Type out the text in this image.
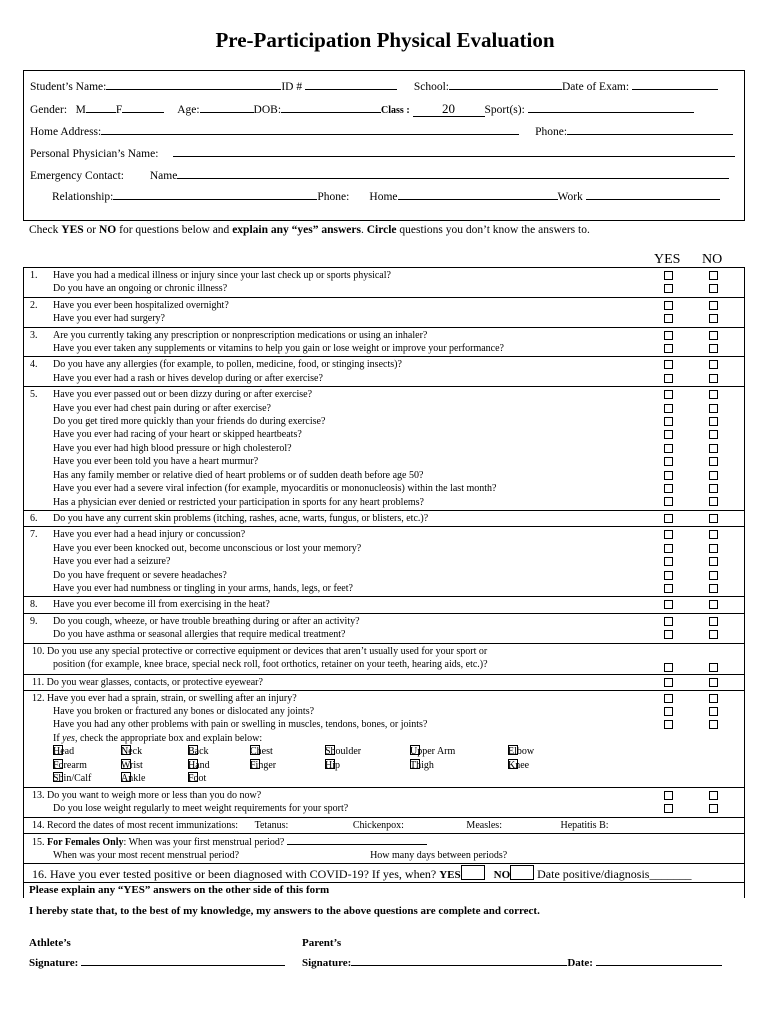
Pre-Participation Physical Evaluation
Student’s Name:	ID #	School:	Date of Exam:
Gender: M	F	Age:	DOB:	Class : 20	Sport(s):
Home Address:	Phone:
Personal Physician’s Name:
Emergency Contact: Name
Relationship:	Phone: Home	Work
Check YES or NO for questions below and explain any “yes” answers. Circle questions you don’t know the answers to.
YES NO
1. Have you had a medical illness or injury since your last check up or sports physical?
Do you have an ongoing or chronic illness?
2. Have you ever been hospitalized overnight?
Have you ever had surgery?
3. Are you currently taking any prescription or nonprescription medications or using an inhaler?
Have you ever taken any supplements or vitamins to help you gain or lose weight or improve your performance?
4. Do you have any allergies (for example, to pollen, medicine, food, or stinging insects)?
Have you ever had a rash or hives develop during or after exercise?
5. Have you ever passed out or been dizzy during or after exercise?
Have you ever had chest pain during or after exercise?
Do you get tired more quickly than your friends do during exercise?
Have you ever had racing of your heart or skipped heartbeats?
Have you ever had high blood pressure or high cholesterol?
Have you ever been told you have a heart murmur?
Has any family member or relative died of heart problems or of sudden death before age 50?
Have you ever had a severe viral infection (for example, myocarditis or mononucleosis) within the last month?
Has a physician ever denied or restricted your participation in sports for any heart problems?
6. Do you have any current skin problems (itching, rashes, acne, warts, fungus, or blisters, etc.)?
7. Have you ever had a head injury or concussion?
Have you ever been knocked out, become unconscious or lost your memory?
Have you ever had a seizure?
Do you have frequent or severe headaches?
Have you ever had numbness or tingling in your arms, hands, legs, or feet?
8. Have you ever become ill from exercising in the heat?
9. Do you cough, wheeze, or have trouble breathing during or after an activity?
Do you have asthma or seasonal allergies that require medical treatment?
10. Do you use any special protective or corrective equipment or devices that aren’t usually used for your sport or
position (for example, knee brace, special neck roll, foot orthotics, retainer on your teeth, hearing aids, etc.)?
11. Do you wear glasses, contacts, or protective eyewear?
12. Have you ever had a sprain, strain, or swelling after an injury?
Have you broken or fractured any bones or dislocated any joints?
Have you had any other problems with pain or swelling in muscles, tendons, bones, or joints?
If yes, check the appropriate box and explain below:
Head	Neck	Back	Chest	Shoulder	Upper Arm	Elbow
Forearm	Wrist	Hand	Finger	Hip	Thigh	Knee
Shin/Calf	Ankle	Foot
13. Do you want to weigh more or less than you do now?
Do you lose weight regularly to meet weight requirements for your sport?
14. Record the dates of most recent immunizations: Tetanus:	Chickenpox:	Measles:	Hepatitis B:
15. For Females Only: When was your first menstrual period?
When was your most recent menstrual period?	How many days between periods?
16. Have you ever tested positive or been diagnosed with COVID-19? If yes, when? YES	NO Date positive/diagnosis_______
Please explain any “YES” answers on the other side of this form
I hereby state that, to the best of my knowledge, my answers to the above questions are complete and correct.
Athlete’s
Signature:
Parent’s
Signature:	Date:
